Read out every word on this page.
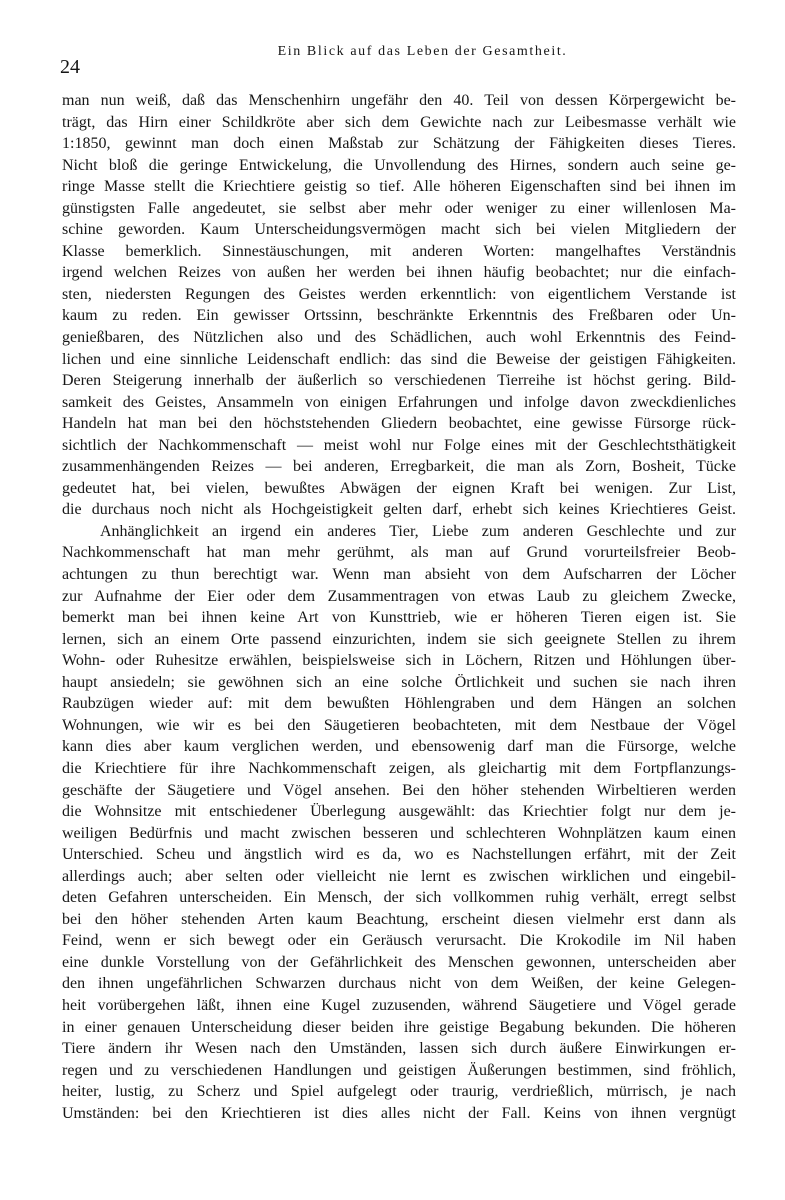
24
Ein Blick auf das Leben der Gesamtheit.
man nun weiß, daß das Menschenhirn ungefähr den 40. Teil von dessen Körpergewicht be-
trägt, das Hirn einer Schildkröte aber sich dem Gewichte nach zur Leibesmasse verhält wie
1:1850, gewinnt man doch einen Maßstab zur Schätzung der Fähigkeiten dieses Tieres.
Nicht bloß die geringe Entwickelung, die Unvollendung des Hirnes, sondern auch seine ge-
ringe Masse stellt die Kriechtiere geistig so tief. Alle höheren Eigenschaften sind bei ihnen im
günstigsten Falle angedeutet, sie selbst aber mehr oder weniger zu einer willenlosen Ma-
schine geworden. Kaum Unterscheidungsvermögen macht sich bei vielen Mitgliedern der
Klasse bemerklich. Sinnestäuschungen, mit anderen Worten: mangelhaftes Verständnis
irgend welchen Reizes von außen her werden bei ihnen häufig beobachtet; nur die einfach-
sten, niedersten Regungen des Geistes werden erkenntlich: von eigentlichem Verstande ist
kaum zu reden. Ein gewisser Ortssinn, beschränkte Erkenntnis des Freßbaren oder Un-
genießbaren, des Nützlichen also und des Schädlichen, auch wohl Erkenntnis des Feind-
lichen und eine sinnliche Leidenschaft endlich: das sind die Beweise der geistigen Fähigkeiten.
Deren Steigerung innerhalb der äußerlich so verschiedenen Tierreihe ist höchst gering. Bild-
samkeit des Geistes, Ansammeln von einigen Erfahrungen und infolge davon zweckdienliches
Handeln hat man bei den höchststehenden Gliedern beobachtet, eine gewisse Fürsorge rück-
sichtlich der Nachkommenschaft — meist wohl nur Folge eines mit der Geschlechtsthätigkeit
zusammenhängenden Reizes — bei anderen, Erregbarkeit, die man als Zorn, Bosheit, Tücke
gedeutet hat, bei vielen, bewußtes Abwägen der eignen Kraft bei wenigen. Zur List,
die durchaus noch nicht als Hochgeistigkeit gelten darf, erhebt sich keines Kriechtieres Geist.
Anhänglichkeit an irgend ein anderes Tier, Liebe zum anderen Geschlechte und zur
Nachkommenschaft hat man mehr gerühmt, als man auf Grund vorurteilsfreier Beob-
achtungen zu thun berechtigt war. Wenn man absieht von dem Aufscharren der Löcher
zur Aufnahme der Eier oder dem Zusammentragen von etwas Laub zu gleichem Zwecke,
bemerkt man bei ihnen keine Art von Kunsttrieb, wie er höheren Tieren eigen ist. Sie
lernen, sich an einem Orte passend einzurichten, indem sie sich geeignete Stellen zu ihrem
Wohn- oder Ruhesitze erwählen, beispielsweise sich in Löchern, Ritzen und Höhlungen über-
haupt ansiedeln; sie gewöhnen sich an eine solche Örtlichkeit und suchen sie nach ihren
Raubzügen wieder auf: mit dem bewußten Höhlengraben und dem Hängen an solchen
Wohnungen, wie wir es bei den Säugetieren beobachteten, mit dem Nestbaue der Vögel
kann dies aber kaum verglichen werden, und ebensowenig darf man die Fürsorge, welche
die Kriechtiere für ihre Nachkommenschaft zeigen, als gleichartig mit dem Fortpflanzungs-
geschäfte der Säugetiere und Vögel ansehen. Bei den höher stehenden Wirbeltieren werden
die Wohnsitze mit entschiedener Überlegung ausgewählt: das Kriechtier folgt nur dem je-
weiligen Bedürfnis und macht zwischen besseren und schlechteren Wohnplätzen kaum einen
Unterschied. Scheu und ängstlich wird es da, wo es Nachstellungen erfährt, mit der Zeit
allerdings auch; aber selten oder vielleicht nie lernt es zwischen wirklichen und eingebil-
deten Gefahren unterscheiden. Ein Mensch, der sich vollkommen ruhig verhält, erregt selbst
bei den höher stehenden Arten kaum Beachtung, erscheint diesen vielmehr erst dann als
Feind, wenn er sich bewegt oder ein Geräusch verursacht. Die Krokodile im Nil haben
eine dunkle Vorstellung von der Gefährlichkeit des Menschen gewonnen, unterscheiden aber
den ihnen ungefährlichen Schwarzen durchaus nicht von dem Weißen, der keine Gelegen-
heit vorübergehen läßt, ihnen eine Kugel zuzusenden, während Säugetiere und Vögel gerade
in einer genauen Unterscheidung dieser beiden ihre geistige Begabung bekunden. Die höheren
Tiere ändern ihr Wesen nach den Umständen, lassen sich durch äußere Einwirkungen er-
regen und zu verschiedenen Handlungen und geistigen Äußerungen bestimmen, sind fröhlich,
heiter, lustig, zu Scherz und Spiel aufgelegt oder traurig, verdrießlich, mürrisch, je nach
Umständen: bei den Kriechtieren ist dies alles nicht der Fall. Keins von ihnen vergnügt
